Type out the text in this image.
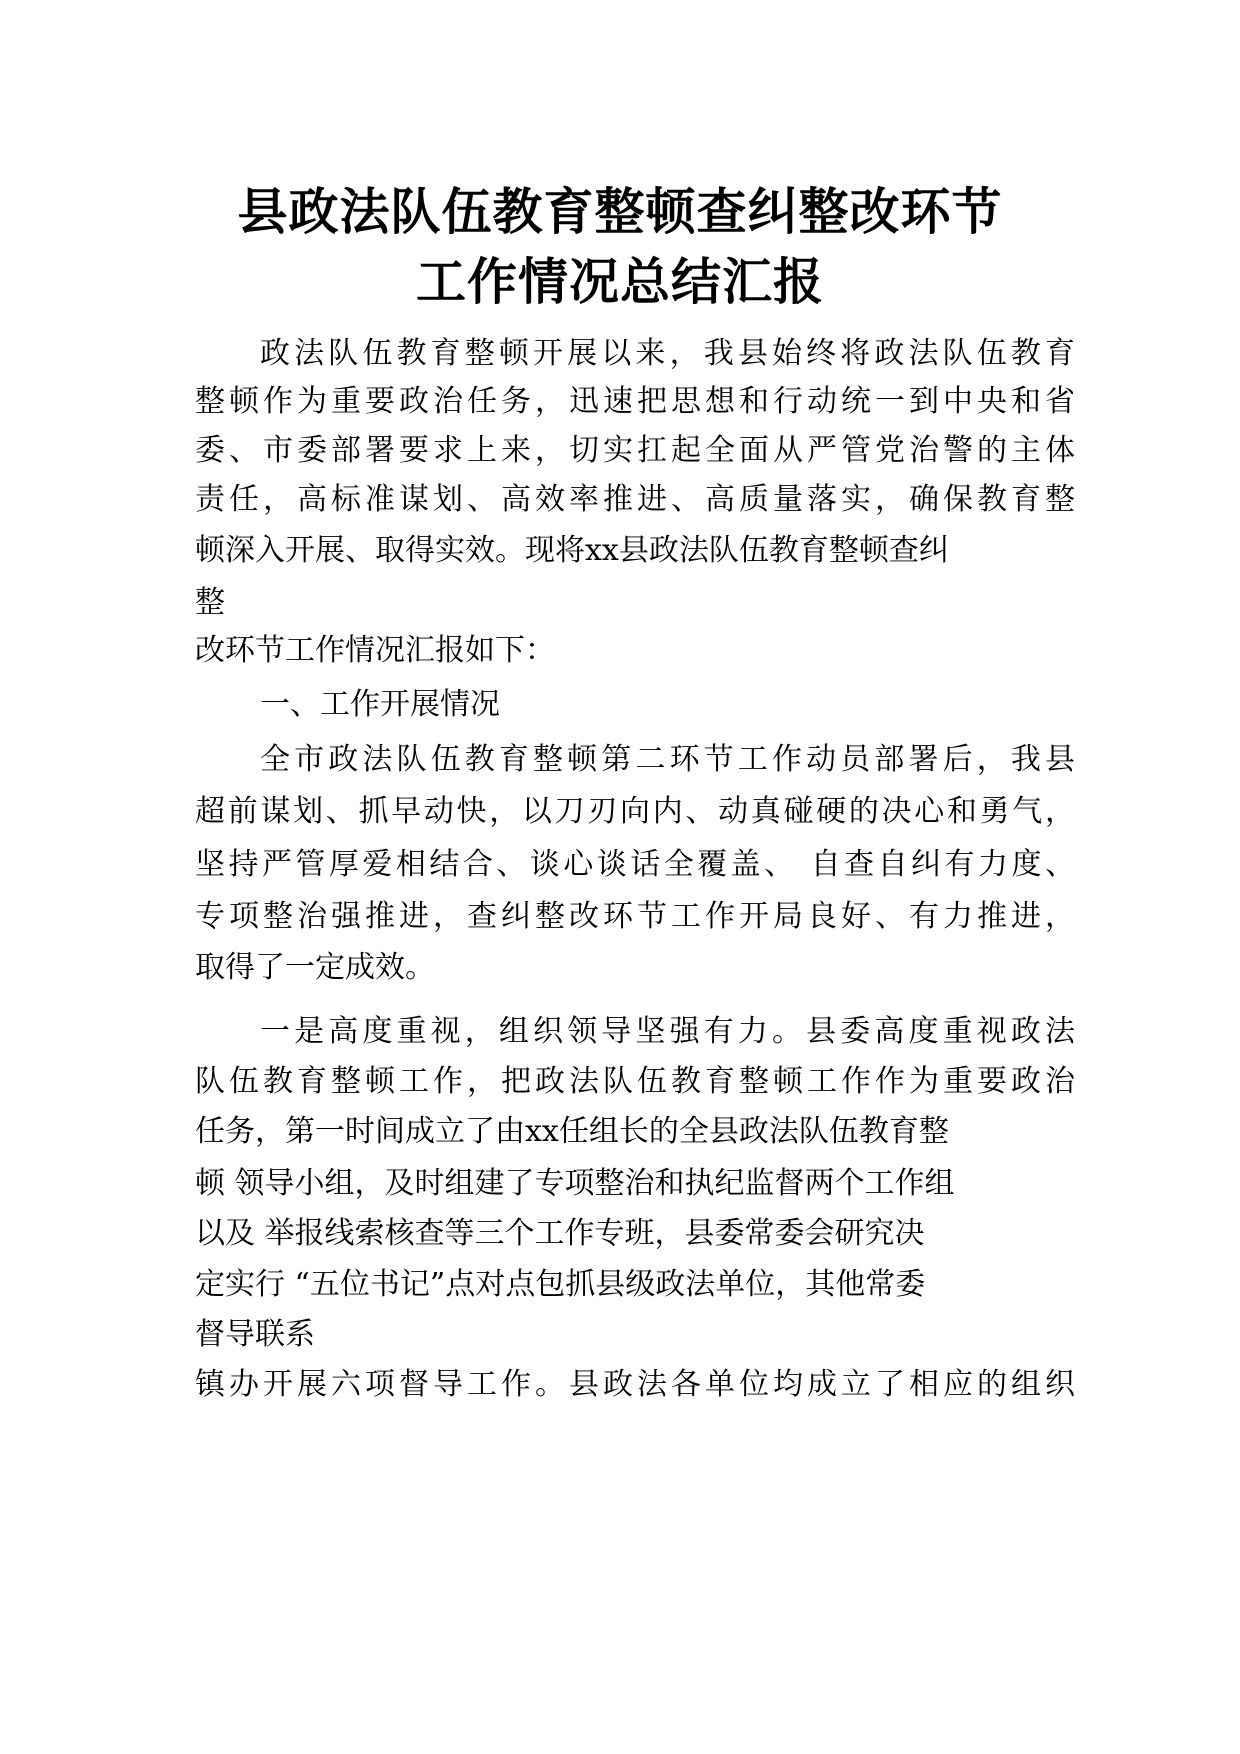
县政法队伍教育整顿查纠整改环节
工作情况总结汇报
政法队伍教育整顿开展以来，我县始终将政法队伍教育
整顿作为重要政治任务，迅速把思想和行动统一到中央和省
委、市委部署要求上来，切实扛起全面从严管党治警的主体
责任，高标准谋划、高效率推进、高质量落实，确保教育整
顿深入开展、取得实效。现将xx县政法队伍教育整顿查纠
整
改环节工作情况汇报如下：
一、工作开展情况
全市政法队伍教育整顿第二环节工作动员部署后，我县
超前谋划、抓早动快，以刀刃向内、动真碰硬的决心和勇气，
坚持严管厚爱相结合、谈心谈话全覆盖、 自查自纠有力度、
专项整治强推进，查纠整改环节工作开局良好、有力推进，
取得了一定成效。
一是高度重视，组织领导坚强有力。县委高度重视政法
队伍教育整顿工作，把政法队伍教育整顿工作作为重要政治
任务，第一时间成立了由xx任组长的全县政法队伍教育整
顿 领导小组，及时组建了专项整治和执纪监督两个工作组
以及 举报线索核查等三个工作专班，县委常委会研究决
定实行 “五位书记”点对点包抓县级政法单位，其他常委
督导联系
镇办开展六项督导工作。县政法各单位均成立了相应的组织
